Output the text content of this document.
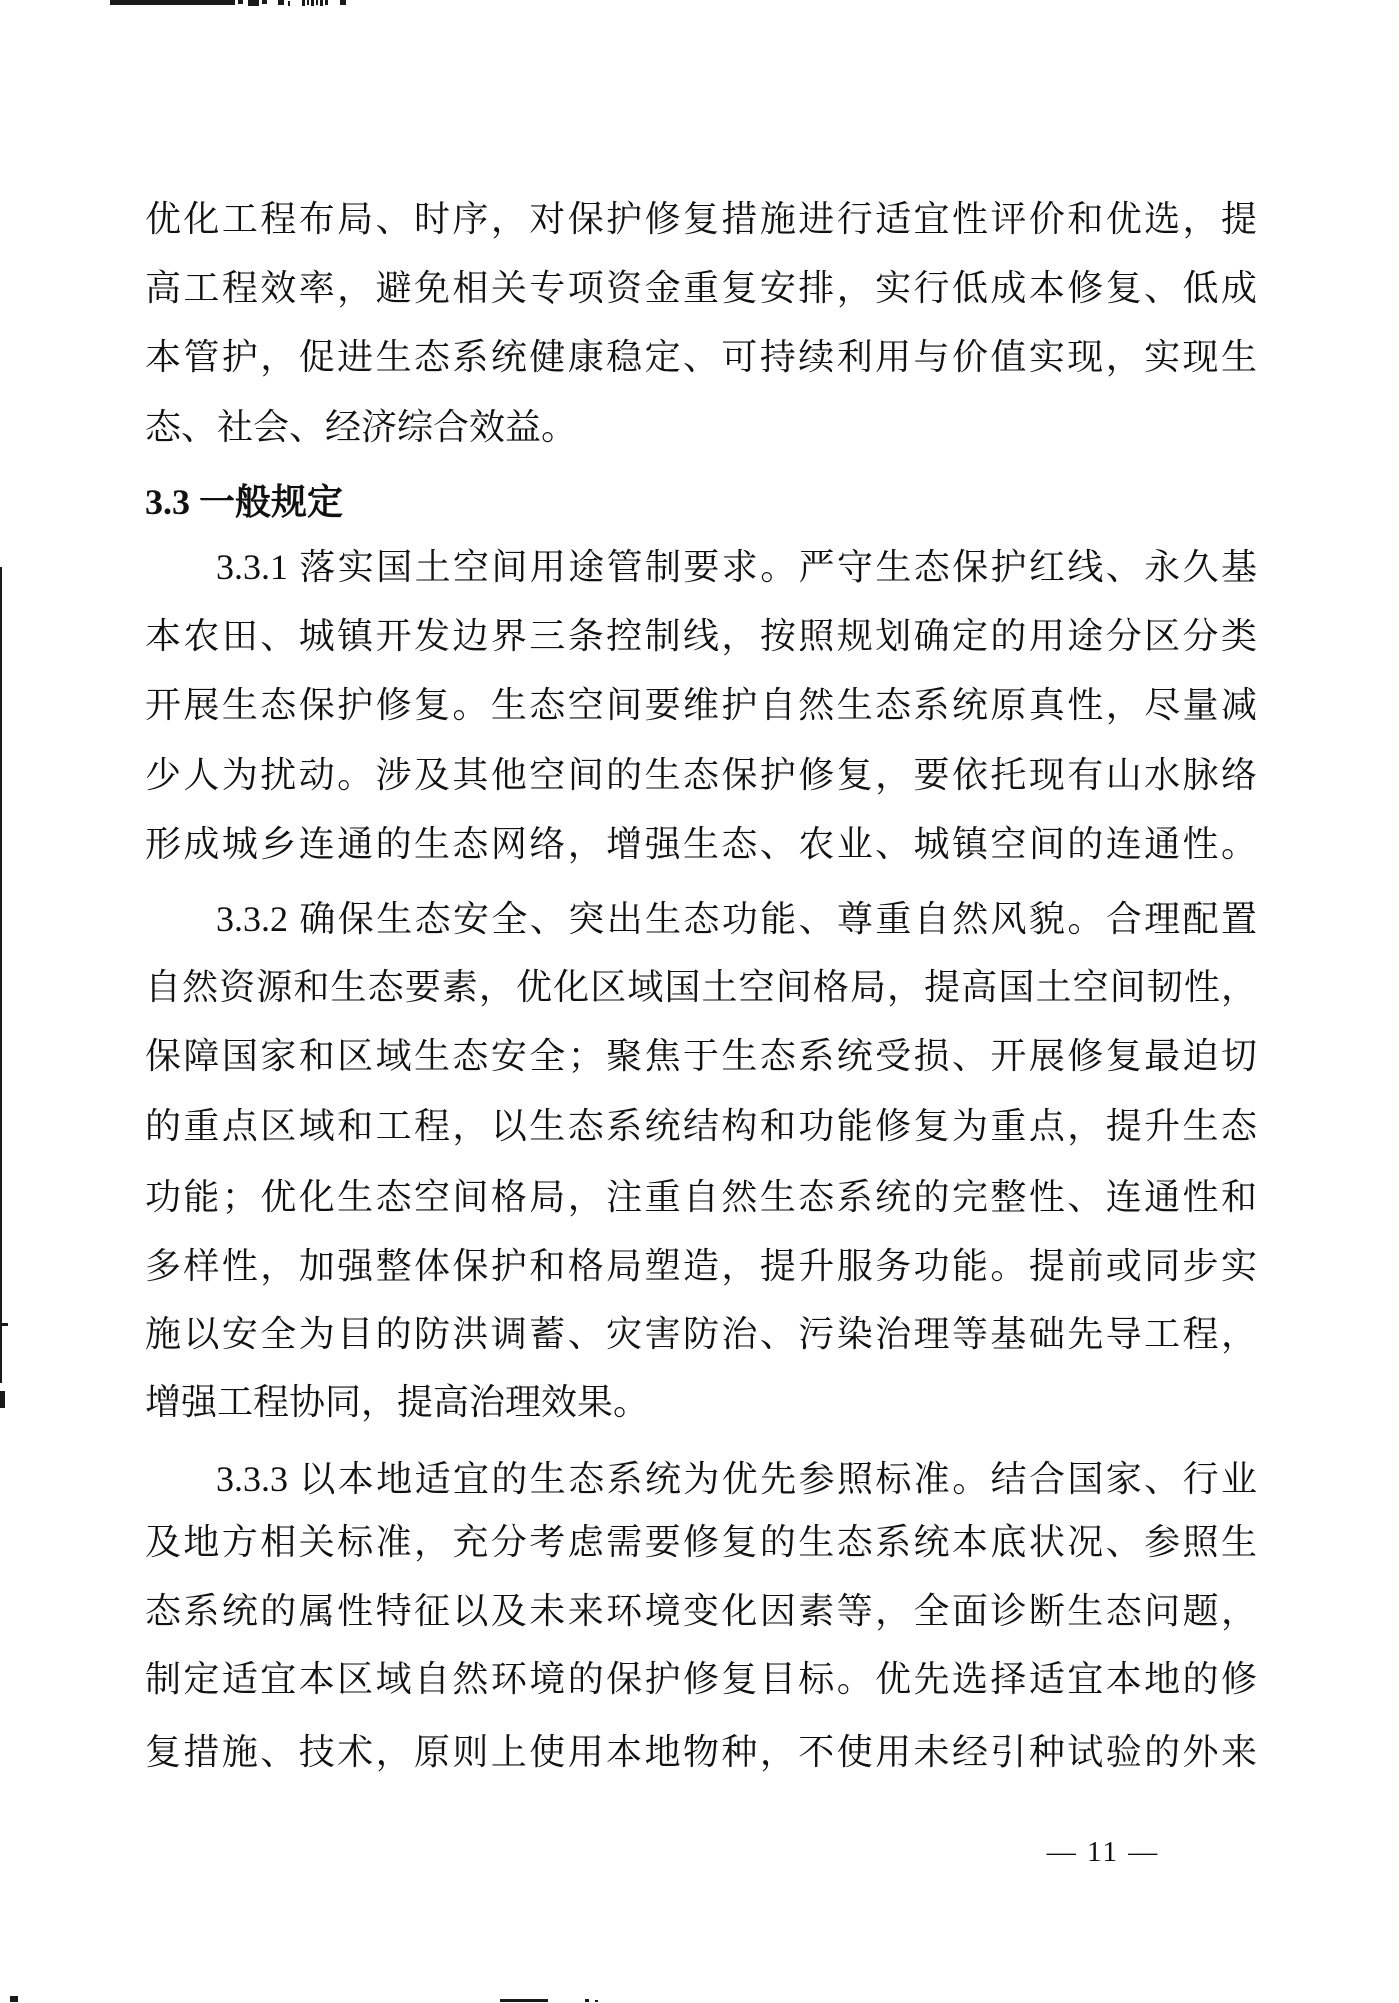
优化工程布局、时序，对保护修复措施进行适宜性评价和优选，提
高工程效率，避免相关专项资金重复安排，实行低成本修复、低成
本管护，促进生态系统健康稳定、可持续利用与价值实现，实现生
态、社会、经济综合效益。
3.3 一般规定
3.3.1 落实国土空间用途管制要求。严守生态保护红线、永久基
本农田、城镇开发边界三条控制线，按照规划确定的用途分区分类
开展生态保护修复。生态空间要维护自然生态系统原真性，尽量减
少人为扰动。涉及其他空间的生态保护修复，要依托现有山水脉络
形成城乡连通的生态网络，增强生态、农业、城镇空间的连通性。
3.3.2 确保生态安全、突出生态功能、尊重自然风貌。合理配置
自然资源和生态要素，优化区域国土空间格局，提高国土空间韧性，
保障国家和区域生态安全；聚焦于生态系统受损、开展修复最迫切
的重点区域和工程，以生态系统结构和功能修复为重点，提升生态
功能；优化生态空间格局，注重自然生态系统的完整性、连通性和
多样性，加强整体保护和格局塑造，提升服务功能。提前或同步实
施以安全为目的防洪调蓄、灾害防治、污染治理等基础先导工程，
增强工程协同，提高治理效果。
3.3.3 以本地适宜的生态系统为优先参照标准。结合国家、行业
及地方相关标准，充分考虑需要修复的生态系统本底状况、参照生
态系统的属性特征以及未来环境变化因素等，全面诊断生态问题，
制定适宜本区域自然环境的保护修复目标。优先选择适宜本地的修
复措施、技术，原则上使用本地物种，不使用未经引种试验的外来
— 11 —
